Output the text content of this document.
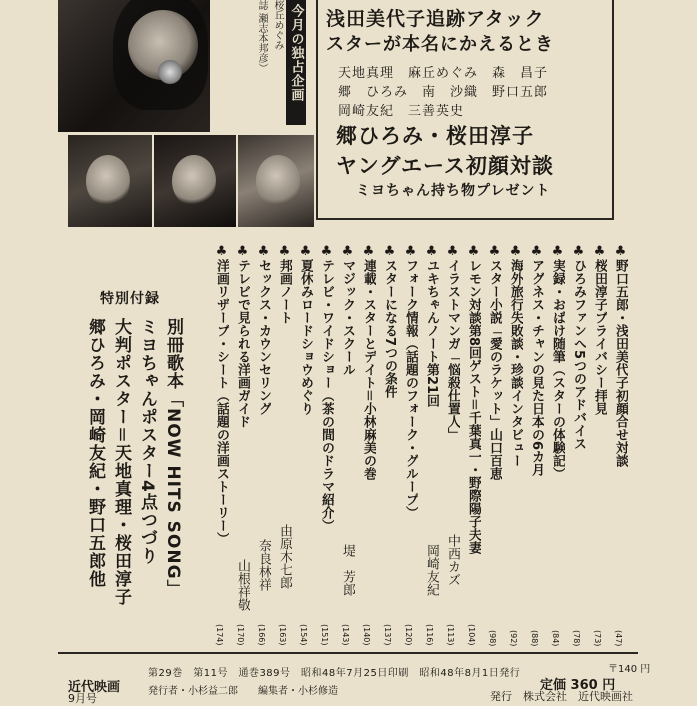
桜丘めぐみ
誌 瀬志本邦彦） 今月の独占企画 浅田美代子追跡アタック
スターが本名にかえるとき
天地真理　麻丘めぐみ　森　昌子
郷　ひろみ　南　沙織　野口五郎
岡崎友紀　三善英史
郷ひろみ・桜田淳子
ヤングエース初顔対談
ミヨちゃん持ち物プレゼント
♣野口五郎・浅田美代子初顔合せ対談
(47)
♣桜田淳子ブライバシー拝見
(73)
♣ひろみファンへ5つのアドバイス
(78)
♣実録・おばけ随筆（スターの体験記）
(84)
♣アグネス・チャンの見た日本の6カ月
(88)
♣海外旅行失敗談・珍談インタビュー
(92)
♣スター小説「愛のラケット」山口百恵
(98)
♣レモン対談第8回ゲスト＝千葉真一・野際陽子夫妻
(104)
♣イラストマンガ「悩殺仕置人」
中西カズ
(113)
♣ユキちゃんノート第21回
岡崎友紀
(116)
♣フォーク情報（話題のフォーク・グループ）
(120)
♣スターになる7つの条件
(137)
♣連載・スターとデイト＝小林麻美の巻
(140)
♣マジック・スクール
堤　芳郎
(143)
♣テレビ・ワイドショー（茶の間のドラマ紹介）
(151)
♣夏休みロードショウめぐり
(154)
♣邦画ノート
由原木七郎
(163)
♣セックス・カウンセリング
奈良林祥
(166)
♣テレビで見られる洋画ガイド
山根祥敬
(170)
♣洋画リザーブ・シート（話題の洋画ストーリー）
(174)
特別付録
別冊歌本「NOW HITS SONG」
ミヨちゃんポスター4点つづり
大判ポスター＝天地真理・桜田淳子
郷ひろみ・岡崎友紀・野口五郎他
近代映画
9月号
第29巻　第11号　通巻389号　昭和48年7月25日印刷　昭和48年8月1日発行
発行者・小杉益二郎　　編集者・小杉修造	定価 360 円
〒140 円
発行　株式会社　近代映画社
